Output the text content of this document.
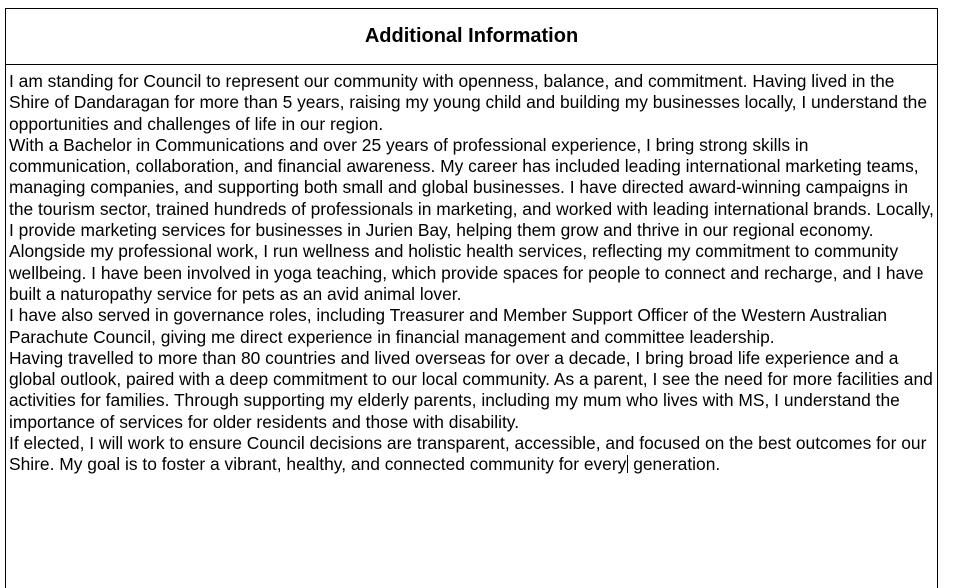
Additional Information

I am standing for Council to represent our community with openness, balance, and commitment. Having lived in the Shire of Dandaragan for more than 5 years, raising my young child and building my businesses locally, I understand the opportunities and challenges of life in our region.

With a Bachelor in Communications and over 25 years of professional experience, I bring strong skills in communication, collaboration, and financial awareness. My career has included leading international marketing teams, managing companies, and supporting both small and global businesses. I have directed award-winning campaigns in the tourism sector, trained hundreds of professionals in marketing, and worked with leading international brands. Locally, I provide marketing services for businesses in Jurien Bay, helping them grow and thrive in our regional economy.

Alongside my professional work, I run wellness and holistic health services, reflecting my commitment to community wellbeing. I have been involved in yoga teaching, which provide spaces for people to connect and recharge, and I have built a naturopathy service for pets as an avid animal lover.

I have also served in governance roles, including Treasurer and Member Support Officer of the Western Australian Parachute Council, giving me direct experience in financial management and committee leadership.

Having travelled to more than 80 countries and lived overseas for over a decade, I bring broad life experience and a global outlook, paired with a deep commitment to our local community. As a parent, I see the need for more facilities and activities for families. Through supporting my elderly parents, including my mum who lives with MS, I understand the importance of services for older residents and those with disability.

If elected, I will work to ensure Council decisions are transparent, accessible, and focused on the best outcomes for our Shire. My goal is to foster a vibrant, healthy, and connected community for every generation.
